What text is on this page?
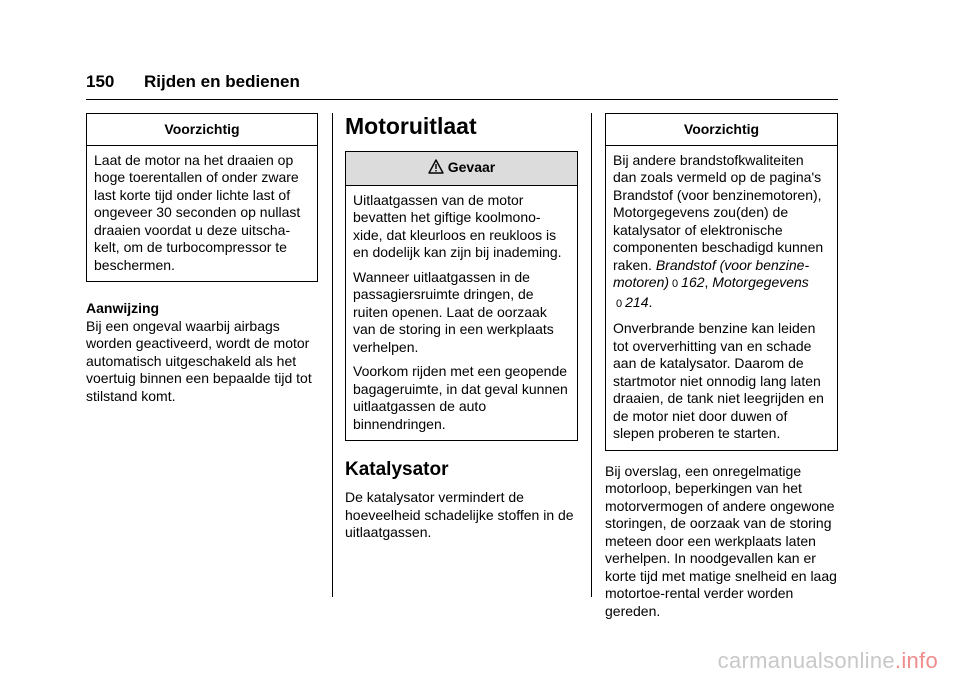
150 Rijden en bedienen
Voorzichtig

Laat de motor na het draaien op hoge toerentallen of onder zware last korte tijd onder lichte last of ongeveer 30 seconden op nullast draaien voordat u deze uitscha-kelt, om de turbocompressor te beschermen.

Aanwijzing

Bij een ongeval waarbij airbags worden geactiveerd, wordt de motor automatisch uitgeschakeld als het voertuig binnen een bepaalde tijd tot stilstand komt.

Motoruitlaat
Gevaar

Uitlaatgassen van de motor bevatten het giftige koolmono-xide, dat kleurloos en reukloos is en dodelijk kan zijn bij inademing.

Wanneer uitlaatgassen in de passagiersruimte dringen, de ruiten openen. Laat de oorzaak van de storing in een werkplaats verhelpen.

Voorkom rijden met een geopende bagageruimte, in dat geval kunnen uitlaatgassen de auto binnendringen.

Katalysator

De katalysator vermindert de hoeveelheid schadelijke stoffen in de uitlaatgassen.

Voorzichtig

Bij andere brandstofkwaliteiten dan zoals vermeld op de pagina's Brandstof (voor benzinemotoren), Motorgegevens zou(den) de katalysator of elektronische componenten beschadigd kunnen raken. Brandstof (voor benzine-motoren) 0 162, Motorgegevens 0 214.

Onverbrande benzine kan leiden tot oververhitting van en schade aan de katalysator. Daarom de startmotor niet onnodig lang laten draaien, de tank niet leegrijden en de motor niet door duwen of slepen proberen te starten.

Bij overslag, een onregelmatige motorloop, beperkingen van het motorvermogen of andere ongewone storingen, de oorzaak van de storing meteen door een werkplaats laten verhelpen. In noodgevallen kan er korte tijd met matige snelheid en laag motortoe-rental verder worden gereden.

carmanualsonline.info
